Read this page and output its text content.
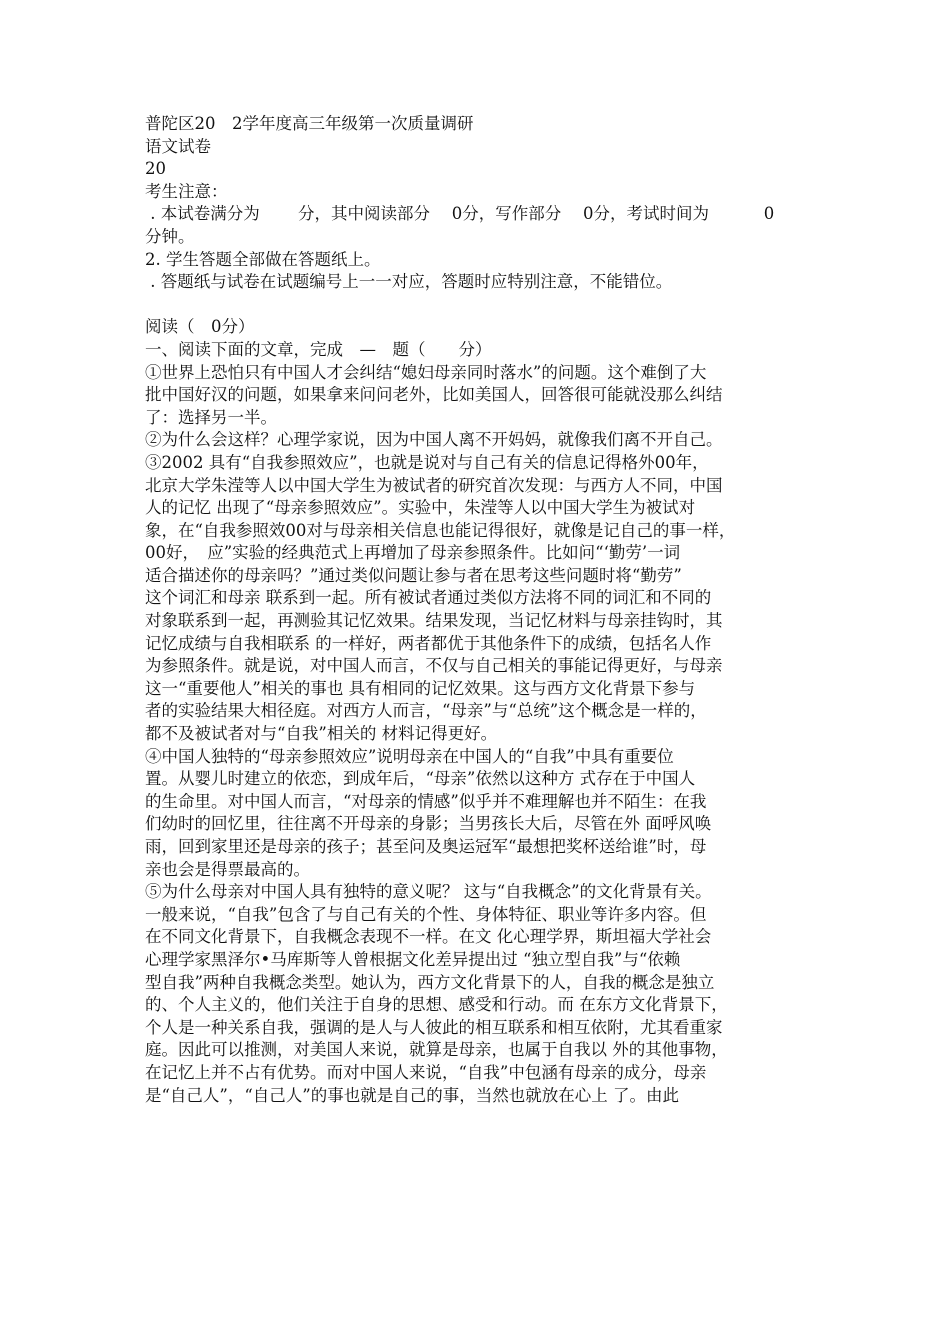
普陀区20　2学年度高三年级第一次质量调研
语文试卷
20
考生注意：
. 本试卷满分为　　 分，其中阅读部分　 0分，写作部分　 0分，考试时间为　　　 0
分钟。
2. 学生答题全部做在答题纸上。
. 答题纸与试卷在试题编号上一一对应，答题时应特别注意，不能错位。
阅读（　0分）
一、阅读下面的文章，完成　—　题（　　分）
①世界上恐怕只有中国人才会纠结“媳妇母亲同时落水”的问题。这个难倒了大
批中国好汉的问题，如果拿来问问老外，比如美国人，回答很可能就没那么纠结
了：选择另一半。
②为什么会这样？心理学家说，因为中国人离不开妈妈，就像我们离不开自己。
③2002 具有“自我参照效应”，也就是说对与自己有关的信息记得格外00年，
北京大学朱滢等人以中国大学生为被试者的研究首次发现：与西方人不同，中国
人的记忆 出现了“母亲参照效应”。实验中，朱滢等人以中国大学生为被试对
象，在“自我参照效00对与母亲相关信息也能记得很好，就像是记自己的事一样，
00好，　应”实验的经典范式上再增加了母亲参照条件。比如问“‘勤劳’一词
适合描述你的母亲吗？”通过类似问题让参与者在思考这些问题时将“勤劳”
这个词汇和母亲 联系到一起。所有被试者通过类似方法将不同的词汇和不同的
对象联系到一起，再测验其记忆效果。结果发现，当记忆材料与母亲挂钩时，其
记忆成绩与自我相联系 的一样好，两者都优于其他条件下的成绩，包括名人作
为参照条件。就是说，对中国人而言，不仅与自己相关的事能记得更好，与母亲
这一“重要他人”相关的事也 具有相同的记忆效果。这与西方文化背景下参与
者的实验结果大相径庭。对西方人而言，“母亲”与“总统”这个概念是一样的，
都不及被试者对与“自我”相关的 材料记得更好。
④中国人独特的“母亲参照效应”说明母亲在中国人的“自我”中具有重要位
置。从婴儿时建立的依恋，到成年后，“母亲”依然以这种方 式存在于中国人
的生命里。对中国人而言，“对母亲的情感”似乎并不难理解也并不陌生：在我
们幼时的回忆里，往往离不开母亲的身影；当男孩长大后，尽管在外 面呼风唤
雨，回到家里还是母亲的孩子；甚至问及奥运冠军“最想把奖杯送给谁”时，母
亲也会是得票最高的。
⑤为什么母亲对中国人具有独特的意义呢？ 这与“自我概念”的文化背景有关。
一般来说，“自我”包含了与自己有关的个性、身体特征、职业等许多内容。但
在不同文化背景下，自我概念表现不一样。在文 化心理学界，斯坦福大学社会
心理学家黑泽尔•马库斯等人曾根据文化差异提出过 “独立型自我”与“依赖
型自我”两种自我概念类型。她认为，西方文化背景下的人，自我的概念是独立
的、个人主义的，他们关注于自身的思想、感受和行动。而 在东方文化背景下，
个人是一种关系自我，强调的是人与人彼此的相互联系和相互依附，尤其看重家
庭。因此可以推测，对美国人来说，就算是母亲，也属于自我以 外的其他事物，
在记忆上并不占有优势。而对中国人来说，“自我”中包涵有母亲的成分，母亲
是“自己人”，“自己人”的事也就是自己的事，当然也就放在心上 了。由此
